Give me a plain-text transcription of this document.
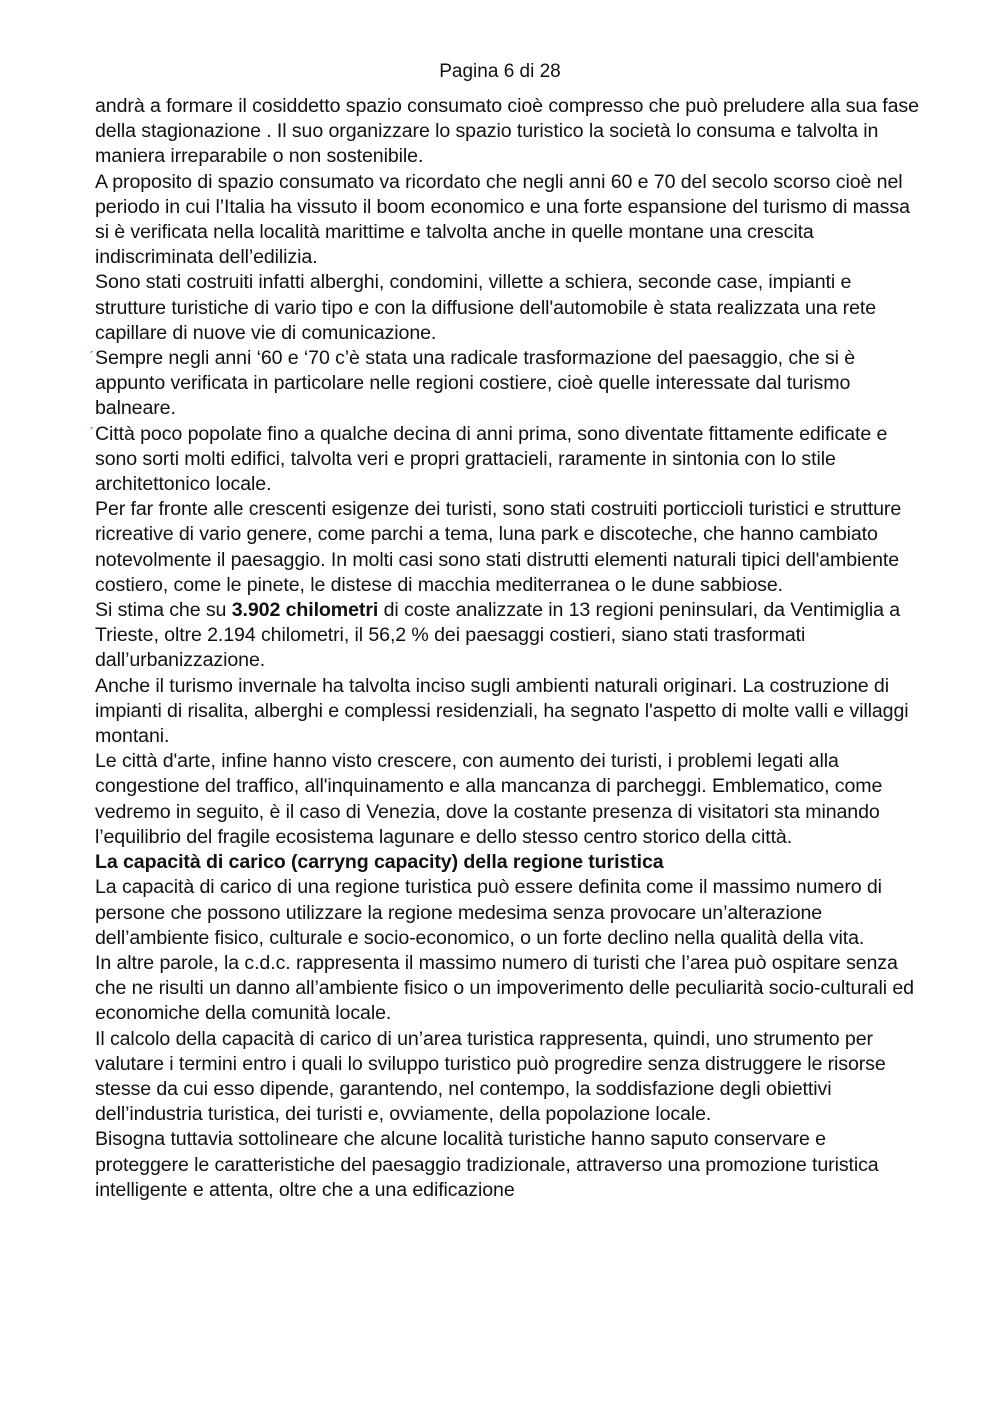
Pagina 6 di 28
ˊ
ˊ

andrà a formare il cosiddetto spazio consumato cioè compresso che può preludere alla sua fase della stagionazione . Il suo organizzare lo spazio turistico la società lo consuma e talvolta in maniera irreparabile o non sostenibile.

A proposito di spazio consumato va ricordato che negli anni 60 e 70 del secolo scorso cioè nel periodo in cui l’Italia ha vissuto il boom economico e una forte espansione del turismo di massa si è verificata nella località marittime e talvolta anche in quelle montane una crescita indiscriminata dell’edilizia.

Sono stati costruiti infatti alberghi, condomini, villette a schiera, seconde case, impianti e strutture turistiche di vario tipo e con la diffusione dell'automobile è stata realizzata una rete capillare di nuove vie di comunicazione.

Sempre negli anni ‘60 e ‘70 c’è stata una radicale trasformazione del paesaggio, che si è appunto verificata in particolare nelle regioni costiere, cioè quelle interessate dal turismo balneare.

Città poco popolate fino a qualche decina di anni prima, sono diventate fittamente edificate e sono sorti molti edifici, talvolta veri e propri grattacieli, raramente in sintonia con lo stile architettonico locale.

Per far fronte alle crescenti esigenze dei turisti, sono stati costruiti porticcioli turistici e strutture ricreative di vario genere, come parchi a tema, luna park e discoteche, che hanno cambiato notevolmente il paesaggio. In molti casi sono stati distrutti elementi naturali tipici dell'ambiente costiero, come le pinete, le distese di macchia mediterranea o le dune sabbiose.

Si stima che su 3.902 chilometri di coste analizzate in 13 regioni peninsulari, da Ventimiglia a Trieste, oltre 2.194 chilometri, il 56,2 % dei paesaggi costieri, siano stati trasformati dall’urbanizzazione.

Anche il turismo invernale ha talvolta inciso sugli ambienti naturali originari. La costruzione di impianti di risalita, alberghi e complessi residenziali, ha segnato l'aspetto di molte valli e villaggi montani.

Le città d'arte, infine hanno visto crescere, con aumento dei turisti, i problemi legati alla congestione del traffico, all'inquinamento e alla mancanza di parcheggi. Emblematico, come vedremo in seguito, è il caso di Venezia, dove la costante presenza di visitatori sta minando l’equilibrio del fragile ecosistema lagunare e dello stesso centro storico della città.

La capacità di carico (carryng capacity) della regione turistica

La capacità di carico di una regione turistica può essere definita come il massimo numero di persone che possono utilizzare la regione medesima senza provocare un’alterazione dell’ambiente fisico, culturale e socio-economico, o un forte declino nella qualità della vita.

In altre parole, la c.d.c. rappresenta il massimo numero di turisti che l’area può ospitare senza che ne risulti un danno all’ambiente fisico o un impoverimento delle peculiarità socio-culturali ed economiche della comunità locale.

Il calcolo della capacità di carico di un’area turistica rappresenta, quindi, uno strumento per valutare i termini entro i quali lo sviluppo turistico può progredire senza distruggere le risorse stesse da cui esso dipende, garantendo, nel contempo, la soddisfazione degli obiettivi dell’industria turistica, dei turisti e, ovviamente, della popolazione locale.

Bisogna tuttavia sottolineare che alcune località turistiche hanno saputo conservare e proteggere le caratteristiche del paesaggio tradizionale, attraverso una promozione turistica intelligente e attenta, oltre che a una edificazione
